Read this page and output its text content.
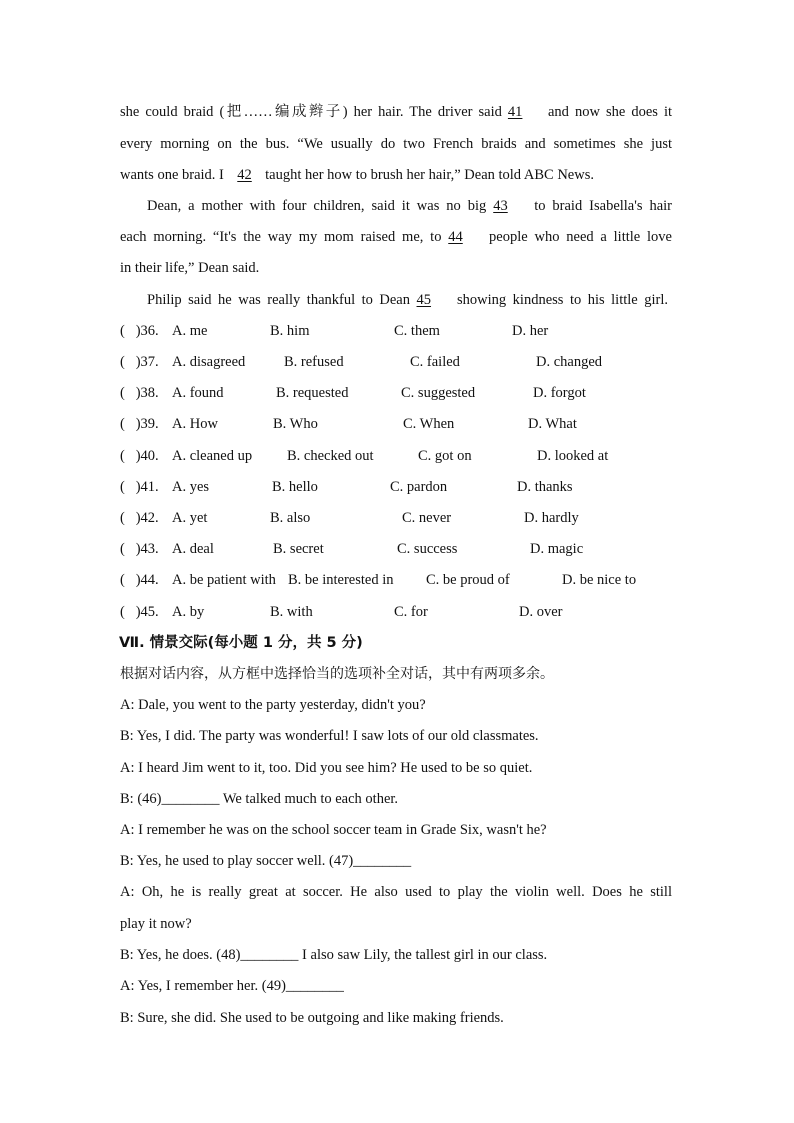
she could braid (把……编成辫子) her hair. The driver said 41 and now she does it
every morning on the bus. “We usually do two French braids and sometimes she just
wants one braid. I 42 taught her how to brush her hair,” Dean told ABC News.
Dean, a mother with four children, said it was no big 43 to braid Isabella's hair
each morning. “It's the way my mom raised me, to 44 people who need a little love
in their life,” Dean said.
Philip said he was really thankful to Dean 45 showing kindness to his little girl.
(   )36. A. me	B. him	C. them	D. her
(   )37. A. disagreed	B. refused	C. failed	D. changed
(   )38. A. found	B. requested	C. suggested	D. forgot
(   )39. A. How	B. Who	C. When	D. What
(   )40. A. cleaned up B. checked out	C. got on	D. looked at
(   )41. A. yes	B. hello	C. pardon	D. thanks
(   )42. A. yet	B. also	C. never	D. hardly
(   )43. A. deal	B. secret	C. success	D. magic
(   )44. A. be patient with B. be interested in C. be proud of	D. be nice to
(   )45. A. by	B. with	C. for	D. over
Ⅶ. 情景交际(每小题 1 分，共 5 分)
根据对话内容，从方框中选择恰当的选项补全对话，其中有两项多余。
A: Dale, you went to the party yesterday, didn't you?
B: Yes, I did. The party was wonderful! I saw lots of our old classmates.
A: I heard Jim went to it, too. Did you see him? He used to be so quiet.
B: (46)________ We talked much to each other.
A: I remember he was on the school soccer team in Grade Six, wasn't he?
B: Yes, he used to play soccer well. (47)________
A: Oh, he is really great at soccer. He also used to play the violin well. Does he still
play it now?
B: Yes, he does. (48)________ I also saw Lily, the tallest girl in our class.
A: Yes, I remember her. (49)________
B: Sure, she did. She used to be outgoing and like making friends.
